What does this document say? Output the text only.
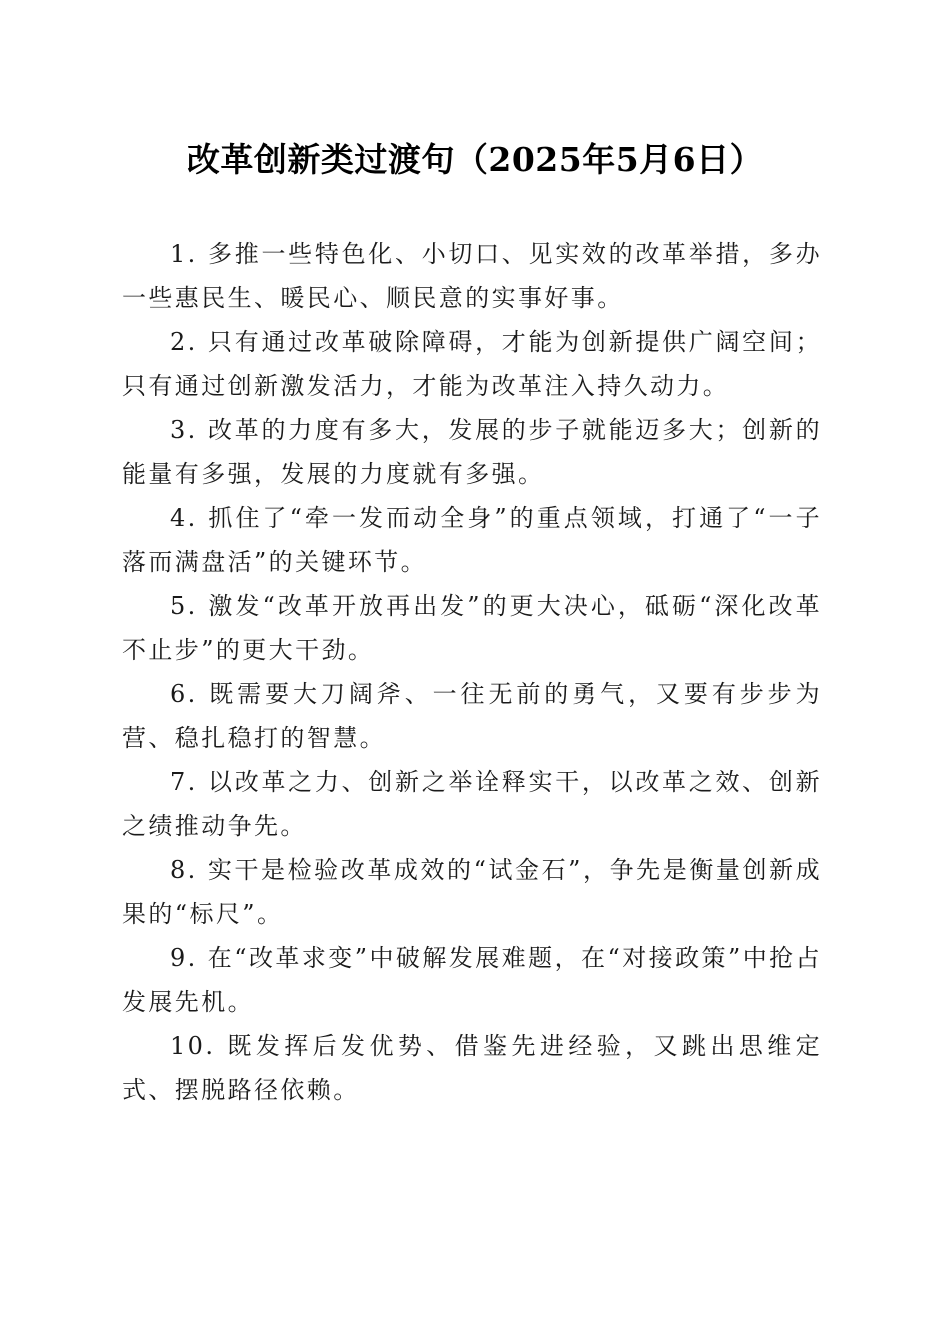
改革创新类过渡句（2025年5月6日）

1. 多推一些特色化、小切口、见实效的改革举措，多办一些惠民生、暖民心、顺民意的实事好事。

2. 只有通过改革破除障碍，才能为创新提供广阔空间；只有通过创新激发活力，才能为改革注入持久动力。

3. 改革的力度有多大，发展的步子就能迈多大；创新的能量有多强，发展的力度就有多强。

4. 抓住了“牵一发而动全身”的重点领域，打通了“一子落而满盘活”的关键环节。

5. 激发“改革开放再出发”的更大决心，砥砺“深化改革不止步”的更大干劲。

6. 既需要大刀阔斧、一往无前的勇气，又要有步步为营、稳扎稳打的智慧。

7. 以改革之力、创新之举诠释实干，以改革之效、创新之绩推动争先。

8. 实干是检验改革成效的“试金石”，争先是衡量创新成果的“标尺”。

9. 在“改革求变”中破解发展难题，在“对接政策”中抢占发展先机。

10. 既发挥后发优势、借鉴先进经验，又跳出思维定式、摆脱路径依赖。
